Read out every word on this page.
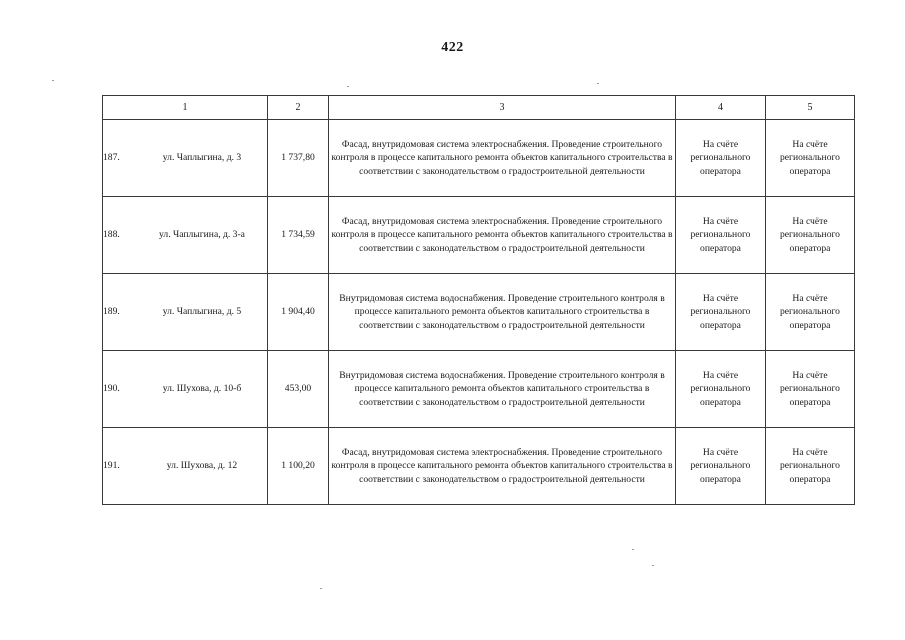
422
1	2	3	4	5
187. ул. Чаплыгина, д. 3	1 737,80	Фасад, внутридомовая система электроснабжения. Проведение строительного контроля в процессе капитального ремонта объектов капитального строительства в соответствии с законодательством о градостроительной деятельности	На счёте регионального оператора	На счёте регионального оператора
188. ул. Чаплыгина, д. 3-а	1 734,59	Фасад, внутридомовая система электроснабжения. Проведение строительного контроля в процессе капитального ремонта объектов капитального строительства в соответствии с законодательством о градостроительной деятельности	На счёте регионального оператора	На счёте регионального оператора
189. ул. Чаплыгина, д. 5	1 904,40	Внутридомовая система водоснабжения. Проведение строительного контроля в процессе капитального ремонта объектов капитального строительства в соответствии с законодательством о градостроительной деятельности	На счёте регионального оператора	На счёте регионального оператора
190. ул. Шухова, д. 10-б	453,00	Внутридомовая система водоснабжения. Проведение строительного контроля в процессе капитального ремонта объектов капитального строительства в соответствии с законодательством о градостроительной деятельности	На счёте регионального оператора	На счёте регионального оператора
191. ул. Шухова, д. 12	1 100,20	Фасад, внутридомовая система электроснабжения. Проведение строительного контроля в процессе капитального ремонта объектов капитального строительства в соответствии с законодательством о градостроительной деятельности	На счёте регионального оператора	На счёте регионального оператора
